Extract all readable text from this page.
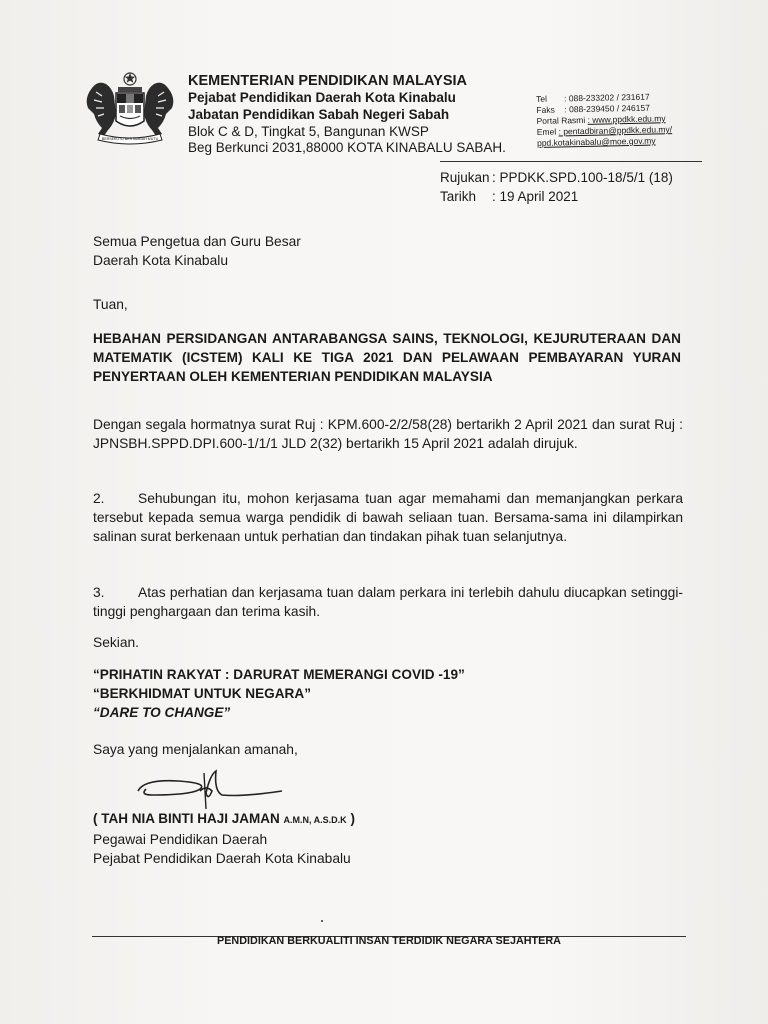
BERSEKUTU BERTAMBAH MUTU
KEMENTERIAN PENDIDIKAN MALAYSIA
Pejabat Pendidikan Daerah Kota Kinabalu
Jabatan Pendidikan Sabah Negeri Sabah
Blok C & D, Tingkat 5, Bangunan KWSP
Beg Berkunci 2031,88000 KOTA KINABALU SABAH.
Tel : 088-233202 / 231617
Faks : 088-239450 / 246157
Portal Rasmi : www.ppdkk.edu.my
Emel : pentadbiran@ppdkk.edu.my/
ppd.kotakinabalu@moe.gov.my
Rujukan : PPDKK.SPD.100-18/5/1 (18)
Tarikh : 19 April 2021
Semua Pengetua dan Guru Besar
Daerah Kota Kinabalu
Tuan,
HEBAHAN PERSIDANGAN ANTARABANGSA SAINS, TEKNOLOGI, KEJURUTERAAN DAN MATEMATIK (ICSTEM) KALI KE TIGA 2021 DAN PELAWAAN PEMBAYARAN YURAN PENYERTAAN OLEH KEMENTERIAN PENDIDIKAN MALAYSIA
Dengan segala hormatnya surat Ruj : KPM.600-2/2/58(28) bertarikh 2 April 2021 dan surat Ruj : JPNSBH.SPPD.DPI.600-1/1/1 JLD 2(32) bertarikh 15 April 2021 adalah dirujuk.
2. Sehubungan itu, mohon kerjasama tuan agar memahami dan memanjangkan perkara tersebut kepada semua warga pendidik di bawah seliaan tuan. Bersama-sama ini dilampirkan salinan surat berkenaan untuk perhatian dan tindakan pihak tuan selanjutnya.
3. Atas perhatian dan kerjasama tuan dalam perkara ini terlebih dahulu diucapkan setinggi-tinggi penghargaan dan terima kasih.
Sekian.
“PRIHATIN RAKYAT : DARURAT MEMERANGI COVID -19”
“BERKHIDMAT UNTUK NEGARA”
“DARE TO CHANGE”
Saya yang menjalankan amanah,
( TAH NIA BINTI HAJI JAMAN A.M.N, A.S.D.K )
Pegawai Pendidikan Daerah
Pejabat Pendidikan Daerah Kota Kinabalu
PENDIDIKAN BERKUALITI INSAN TERDIDIK NEGARA SEJAHTERA
